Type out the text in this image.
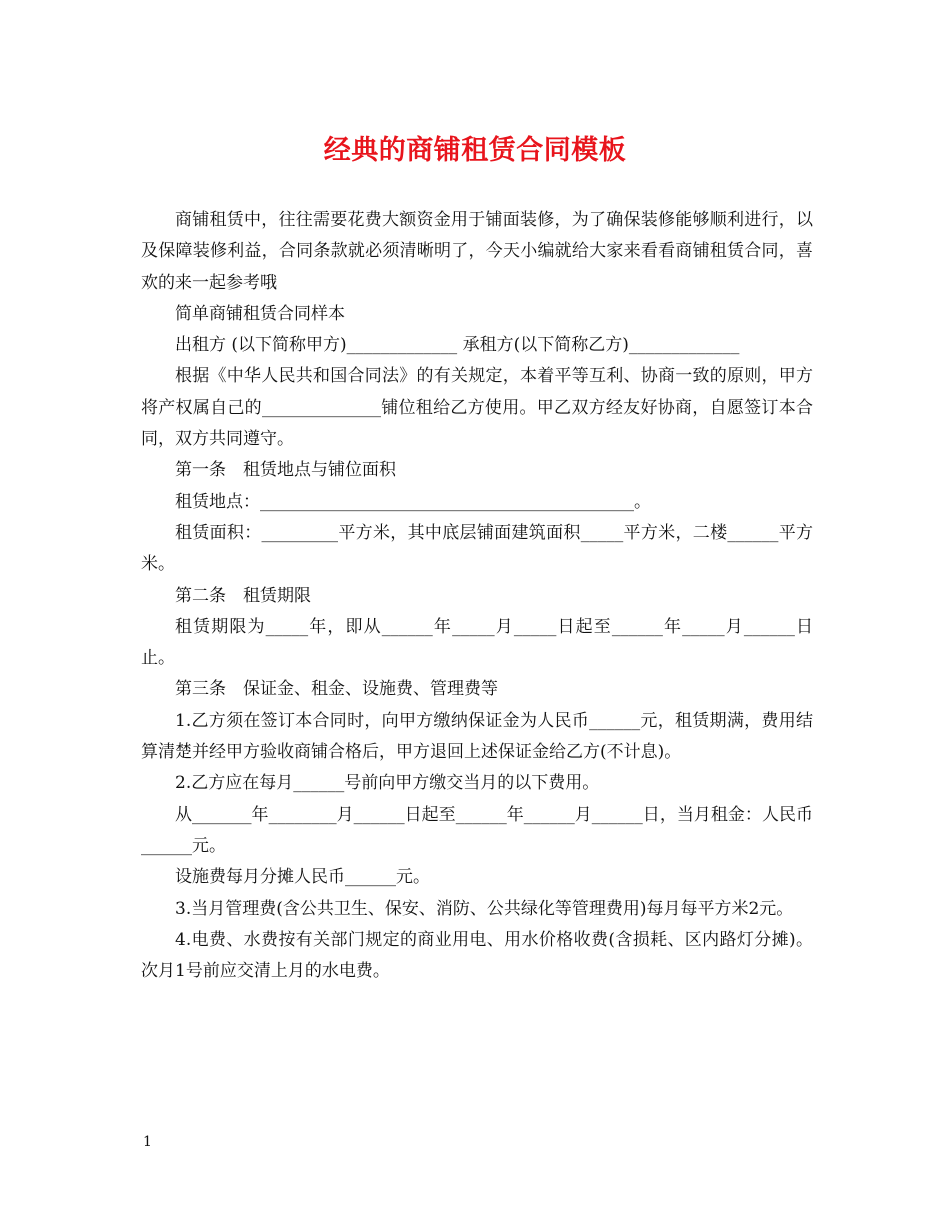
经典的商铺租赁合同模板

商铺租赁中，往往需要花费大额资金用于铺面装修，为了确保装修能够顺利进行，以及保障装修利益，合同条款就必须清晰明了，今天小编就给大家来看看商铺租赁合同，喜欢的来一起参考哦

简单商铺租赁合同样本

出租方 (以下简称甲方)_____________ 承租方(以下简称乙方)_____________

根据《中华人民共和国合同法》的有关规定，本着平等互利、协商一致的原则，甲方将产权属自己的______________铺位租给乙方使用。甲乙双方经友好协商，自愿签订本合同，双方共同遵守。

第一条　租赁地点与铺位面积

租赁地点：____________________________________________。

租赁面积：_________平方米，其中底层铺面建筑面积_____平方米，二楼______平方米。

第二条　租赁期限

租赁期限为_____年，即从______年_____月_____日起至______年_____月______日止。

第三条　保证金、租金、设施费、管理费等

1.乙方须在签订本合同时，向甲方缴纳保证金为人民币______元，租赁期满，费用结算清楚并经甲方验收商铺合格后，甲方退回上述保证金给乙方(不计息)。

2.乙方应在每月______号前向甲方缴交当月的以下费用。

从_______年________月______日起至______年______月______日，当月租金：人民币______元。

设施费每月分摊人民币______元。

3.当月管理费(含公共卫生、保安、消防、公共绿化等管理费用)每月每平方米2元。

4.电费、水费按有关部门规定的商业用电、用水价格收费(含损耗、区内路灯分摊)。次月1号前应交清上月的水电费。

1
